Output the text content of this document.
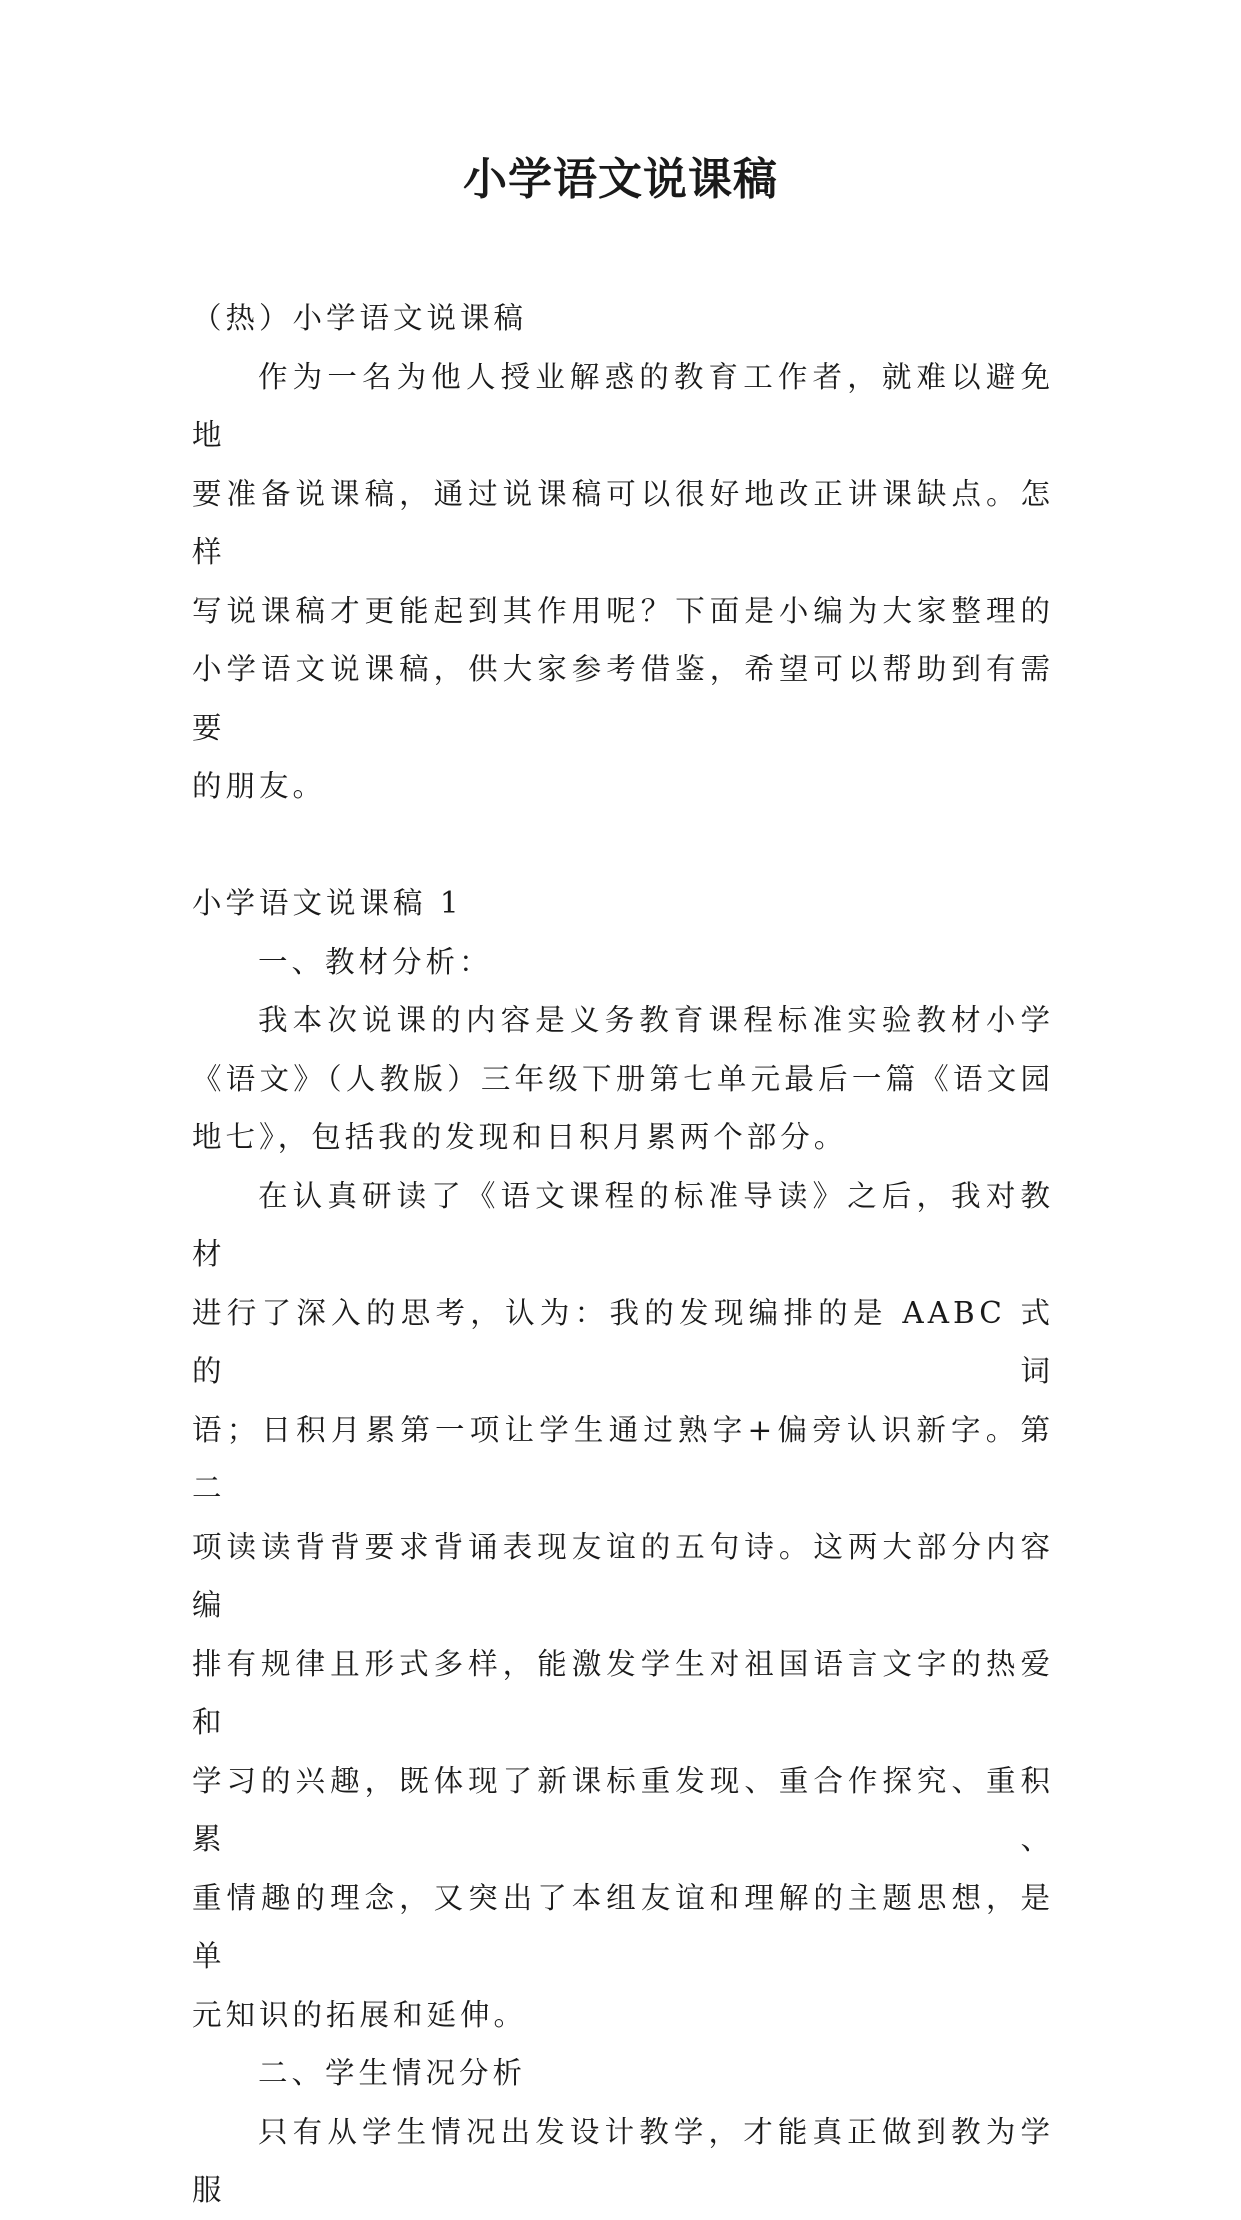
小学语文说课稿

（热）小学语文说课稿

作为一名为他人授业解惑的教育工作者，就难以避免地

要准备说课稿，通过说课稿可以很好地改正讲课缺点。怎样

写说课稿才更能起到其作用呢？下面是小编为大家整理的

小学语文说课稿，供大家参考借鉴，希望可以帮助到有需要

的朋友。

小学语文说课稿 1

一、教材分析：

我本次说课的内容是义务教育课程标准实验教材小学

《语文》（人教版）三年级下册第七单元最后一篇《语文园

地七》，包括我的发现和日积月累两个部分。

在认真研读了《语文课程的标准导读》之后，我对教材

进行了深入的思考，认为：我的发现编排的是 AABC 式的词

语；日积月累第一项让学生通过熟字+偏旁认识新字。第二

项读读背背要求背诵表现友谊的五句诗。这两大部分内容编

排有规律且形式多样，能激发学生对祖国语言文字的热爱和

学习的兴趣，既体现了新课标重发现、重合作探究、重积累、

重情趣的理念，又突出了本组友谊和理解的主题思想，是单

元知识的拓展和延伸。

二、学生情况分析

只有从学生情况出发设计教学，才能真正做到教为学服
